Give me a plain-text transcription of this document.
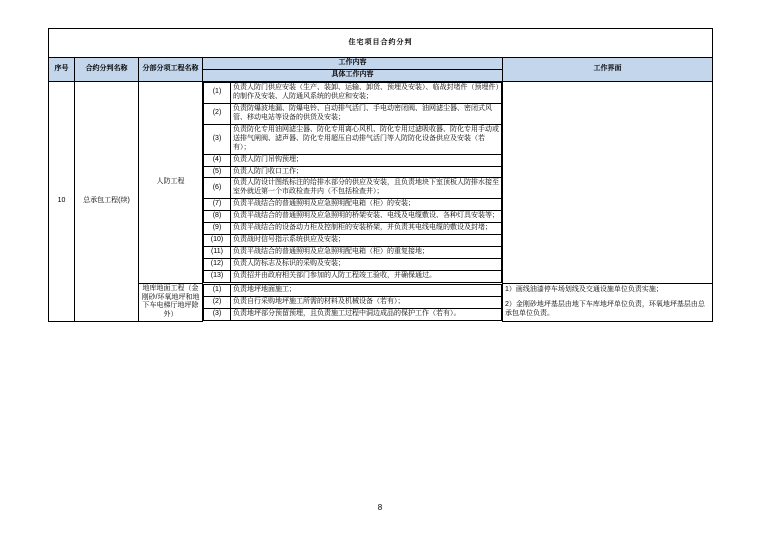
住宅项目合约分判
序号	合约分判名称	分部分项工程名称	工作内容	工作界面
具体工作内容
10	总承包工程(续)	人防工程	
(1)	负责人防门供应安装（生产、装卸、运输、卸货、预埋及安装）、临战封堵件（预埋件）的制作及安装、人防通风系统的供应和安装；
(2)	负责防爆波地漏、防爆电铃、自动排气活门、手电动密闭阀、油网滤尘器、密闭式风管、移动电站等设备的供货及安装；
(3)	负责防化专用油网滤尘器、防化专用离心风机、防化专用过滤吸收器、防化专用手动或送排气闸阀、滤声器、防化专用超压自动排气活门等人防防化设备供应及安装（若有）；
(4)	负责人防门吊钩预埋；
(5)	负责人防门收口工作；
(6)	负责人防设计图纸标注的给排水部分的供应及安装，且负责地块下室顶板人防排水接至室外就近第一个市政检查井内（不包括检查井）；
(7)	负责平战结合的普通照明及应急照明配电箱（柜）的安装；
(8)	负责平战结合的普通照明及应急照明的桥架安装、电线及电缆敷设、各种灯具安装等；
(9)	负责平战结合的设备动力柜及控制柜的安装桥架，并负责其电线电缆的敷设及封堵；
(10)	负责战时信号指示系统供应及安装；
(11)	负责平战结合的普通照明及应急照明配电箱（柜）的重复接地；
(12)	负责人防标志及标识的采购及安装；
(13)	负责招并由政府相关部门参加的人防工程竣工验收，并确保通过。

地库地面工程（金刚砂/环氧地坪和地下车电梯厅地坪除外）	
(1)	负责地坪地面施工；
(2)	负责自行采购地坪施工所需的材料及机械设备（若有）；
(3)	负责地坪部分预留预埋，且负责施工过程中洞边成品的保护工作（若有）。

1）画线油漆停车场划线及交通设施单位负责实施；

2）金刚砂地坪基层由地下车库地坪单位负责，环氧地坪基层由总承包单位负责。

8
